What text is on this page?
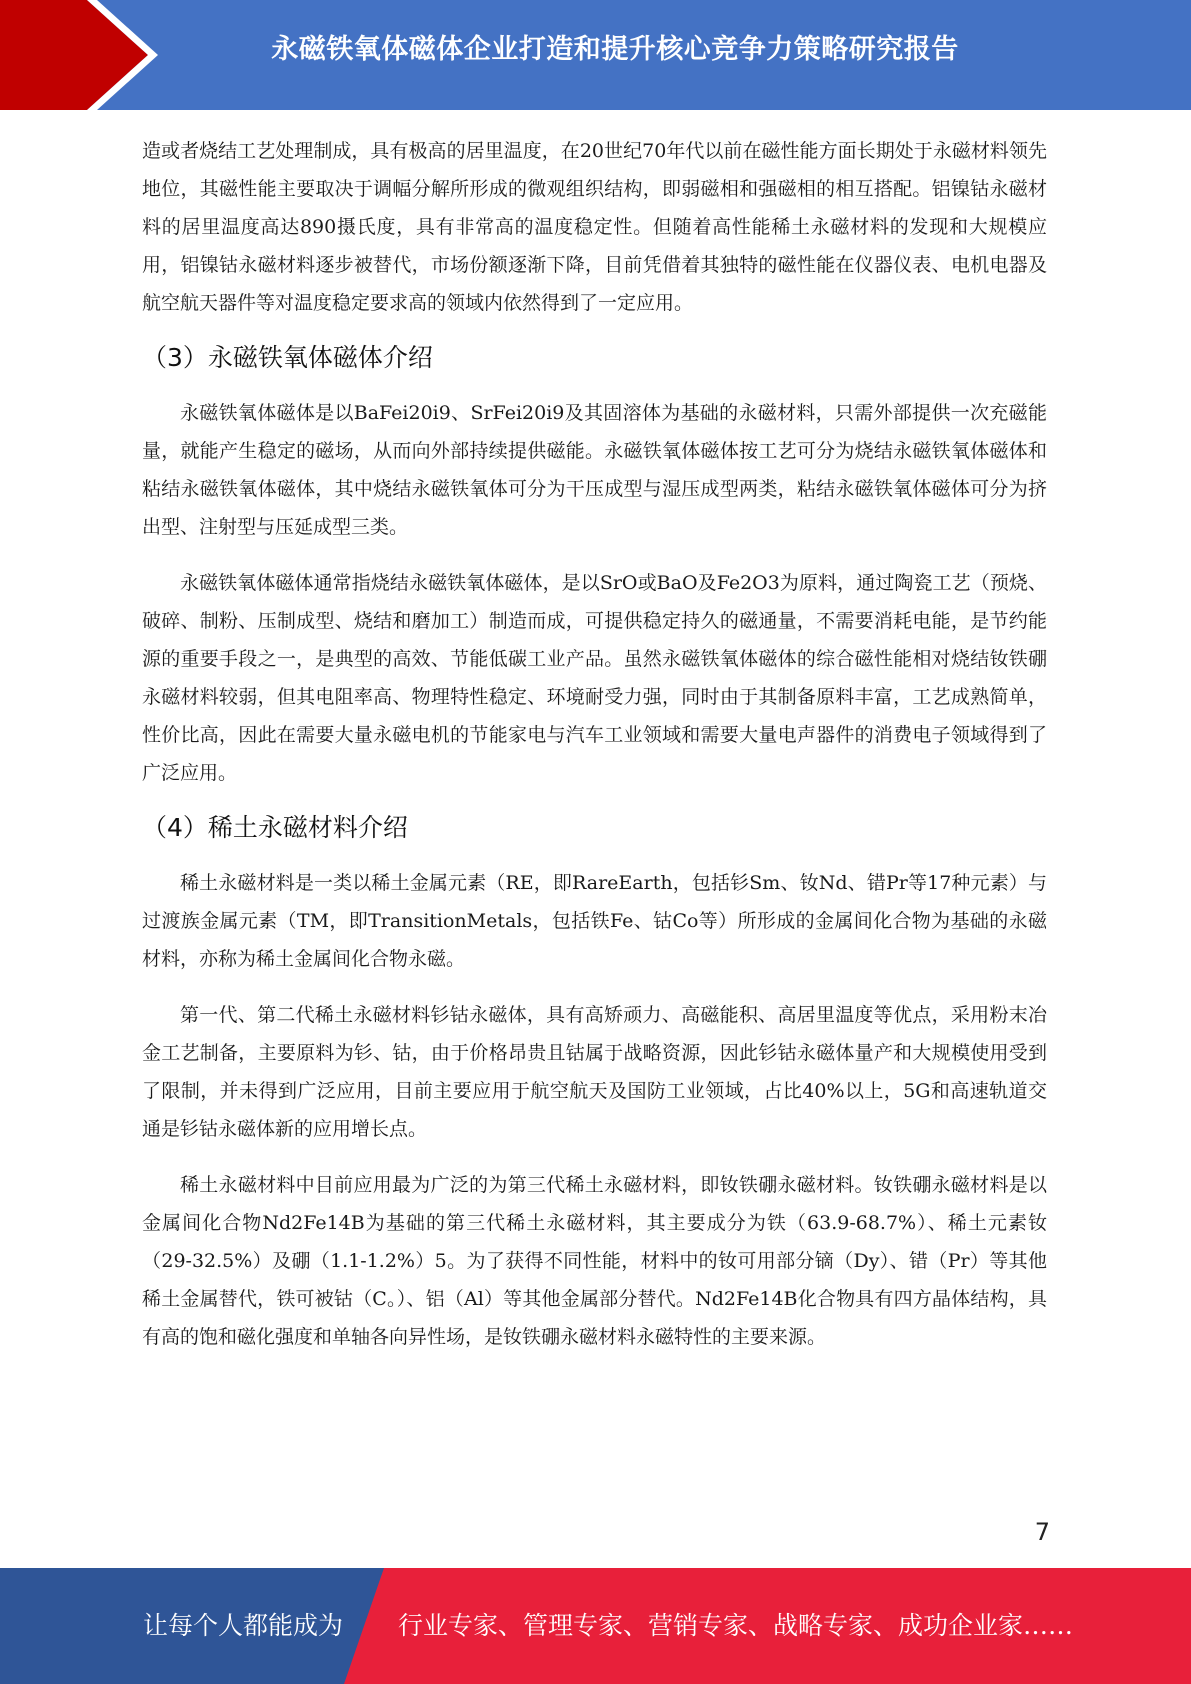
永磁铁氧体磁体企业打造和提升核心竞争力策略研究报告

造或者烧结工艺处理制成，具有极高的居里温度，在20世纪70年代以前在磁性能方面长期处于永磁材料领先地位，其磁性能主要取决于调幅分解所形成的微观组织结构，即弱磁相和强磁相的相互搭配。铝镍钴永磁材料的居里温度高达890摄氏度，具有非常高的温度稳定性。但随着高性能稀土永磁材料的发现和大规模应用，铝镍钴永磁材料逐步被替代，市场份额逐渐下降，目前凭借着其独特的磁性能在仪器仪表、电机电器及航空航天器件等对温度稳定要求高的领域内依然得到了一定应用。

（3）永磁铁氧体磁体介绍

永磁铁氧体磁体是以BaFei20i9、SrFei20i9及其固溶体为基础的永磁材料，只需外部提供一次充磁能量，就能产生稳定的磁场，从而向外部持续提供磁能。永磁铁氧体磁体按工艺可分为烧结永磁铁氧体磁体和粘结永磁铁氧体磁体，其中烧结永磁铁氧体可分为干压成型与湿压成型两类，粘结永磁铁氧体磁体可分为挤出型、注射型与压延成型三类。

永磁铁氧体磁体通常指烧结永磁铁氧体磁体，是以SrO或BaO及Fe2O3为原料，通过陶瓷工艺（预烧、破碎、制粉、压制成型、烧结和磨加工）制造而成，可提供稳定持久的磁通量，不需要消耗电能，是节约能源的重要手段之一，是典型的高效、节能低碳工业产品。虽然永磁铁氧体磁体的综合磁性能相对烧结钕铁硼永磁材料较弱，但其电阻率高、物理特性稳定、环境耐受力强，同时由于其制备原料丰富，工艺成熟简单，性价比高，因此在需要大量永磁电机的节能家电与汽车工业领域和需要大量电声器件的消费电子领域得到了广泛应用。

（4）稀土永磁材料介绍

稀土永磁材料是一类以稀土金属元素（RE，即RareEarth，包括钐Sm、钕Nd、错Pr等17种元素）与过渡族金属元素（TM，即TransitionMetals，包括铁Fe、钴Co等）所形成的金属间化合物为基础的永磁材料，亦称为稀土金属间化合物永磁。

第一代、第二代稀土永磁材料钐钴永磁体，具有高矫顽力、高磁能积、高居里温度等优点，采用粉末冶金工艺制备，主要原料为钐、钴，由于价格昂贵且钴属于战略资源，因此钐钴永磁体量产和大规模使用受到了限制，并未得到广泛应用，目前主要应用于航空航天及国防工业领域，占比40%以上，5G和高速轨道交通是钐钴永磁体新的应用增长点。

稀土永磁材料中目前应用最为广泛的为第三代稀土永磁材料，即钕铁硼永磁材料。钕铁硼永磁材料是以金属间化合物Nd2Fe14B为基础的第三代稀土永磁材料，其主要成分为铁（63.9-68.7%）、稀土元素钕（29-32.5%）及硼（1.1-1.2%）5。为了获得不同性能，材料中的钕可用部分镝（Dy）、错（Pr）等其他稀土金属替代，铁可被钴（C。）、铝（Al）等其他金属部分替代。Nd2Fe14B化合物具有四方晶体结构，具有高的饱和磁化强度和单轴各向异性场，是钕铁硼永磁材料永磁特性的主要来源。

7
让每个人都能成为 行业专家、管理专家、营销专家、战略专家、成功企业家……
